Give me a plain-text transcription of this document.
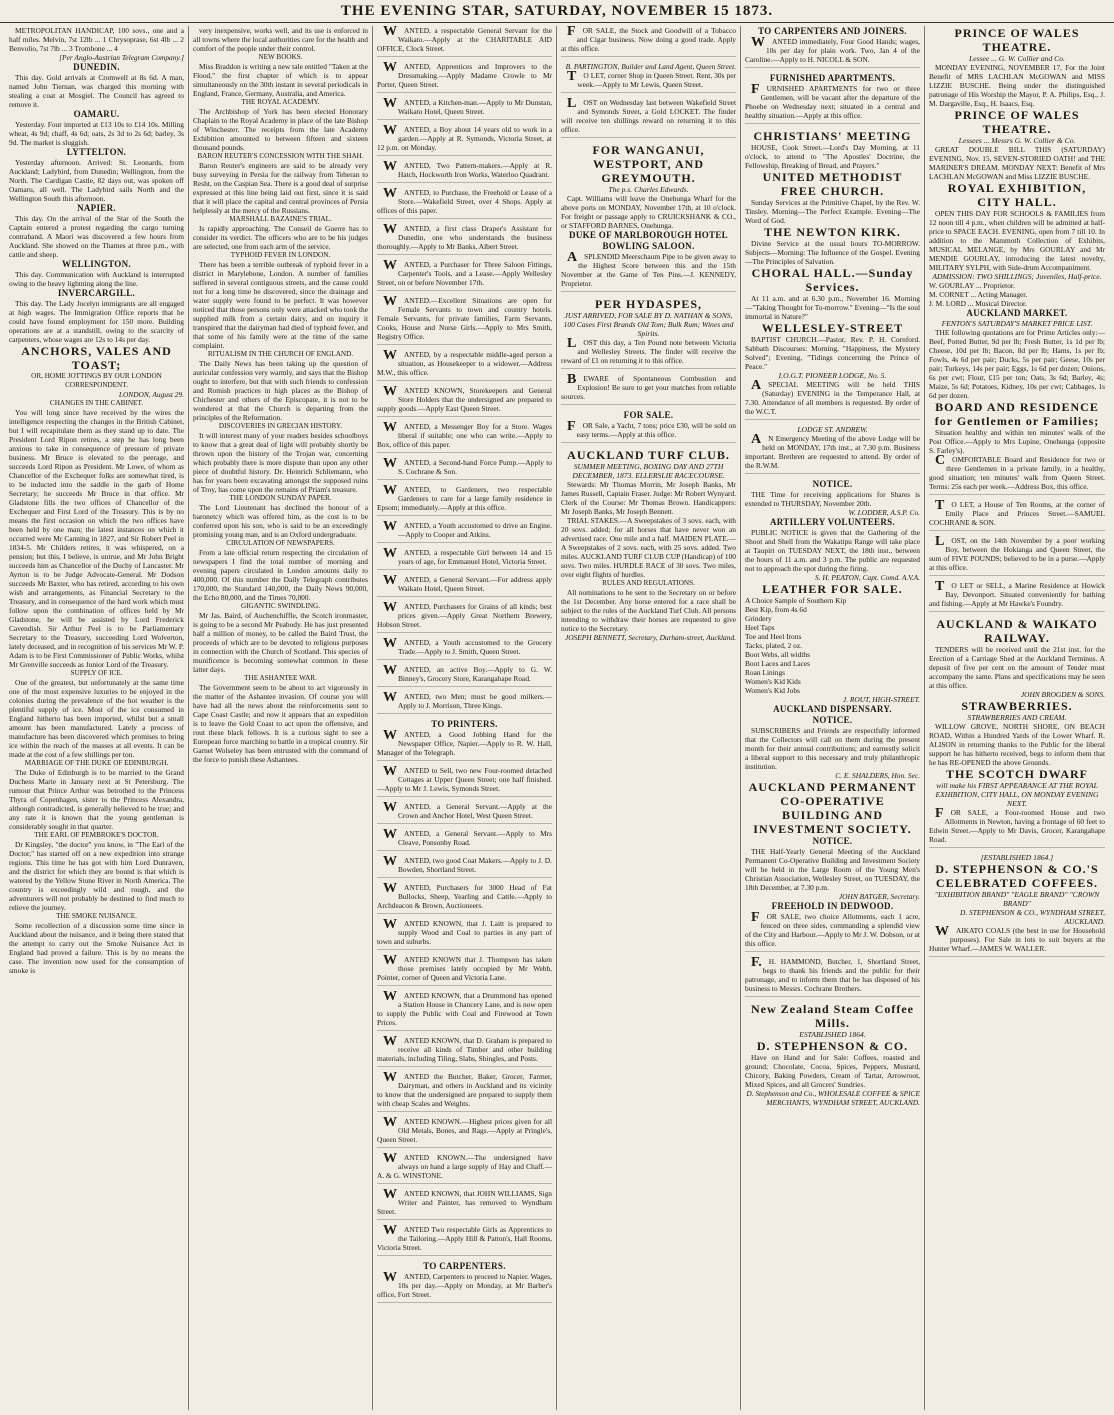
THE EVENING STAR, SATURDAY, NOVEMBER 15 1873.
METROPOLITAN HANDICAP, 100 sovs., one and a half miles. Melvin, 7st 12lb ... 1 Chrysoprase, 6st 4lb ... 2 Benvolio, 7st 7lb ... 3 Trombone ... 4
[Per Anglo-Austrian Telegram Company.]
DUNEDIN.
This day. Gold arrivals at Cromwell at 8s 6d. A man, named John Tiernan, was charged this morning with stealing a coat at Mosgiel. The Council has agreed to remove it.
OAMARU.
Yesterday. Four imported at £13 10s to £14 10s. Milling wheat, 4s 9d; chaff, 4s 6d; oats, 2s 3d to 2s 6d; barley, 3s 9d. The market is sluggish.
LYTTELTON.
Yesterday afternoon. Arrived: St. Leonards, from Auckland; Ladybird, from Dunedin; Wellington, from the North. The Cardigan Castle, 82 days out, was spoken off Oamaru, all well. The Ladybird sails North and the Wellington South this afternoon.
NAPIER.
This day. On the arrival of the Star of the South the Captain entered a protest regarding the cargo turning contraband. A Maori was discovered a few hours from Auckland. She showed on the Thames at three p.m., with cattle and sheep.
WELLINGTON.
This day. Communication with Auckland is interrupted owing to the heavy lightning along the line.
INVERCARGILL.
This day. The Lady Jocelyn immigrants are all engaged at high wages. The Immigration Office reports that he could have found employment for 150 more. Building operations are at a standstill, owing to the scarcity of carpenters, whose wages are 12s to 14s per day.
ANCHORS, VALES AND TOAST;
OR, HOME JOTTINGS BY OUR LONDON CORRESPONDENT.
LONDON, August 29.
CHANGES IN THE CABINET.
You will long since have received by the wires the intelligence respecting the changes in the British Cabinet, but I will recapitulate them as they stand up to date. The President Lord Ripon retires, a step he has long been anxious to take in consequence of pressure of private business. Mr Bruce is elevated to the peerage, and succeeds Lord Ripon as President. Mr Lowe, of whom as Chancellor of the Exchequer folks are somewhat tired, is to be inducted into the saddle in the garb of Home Secretary; he succeeds Mr Bruce in that office. Mr Gladstone fills the two offices of Chancellor of the Exchequer and First Lord of the Treasury. This is by no means the first occasion on which the two offices have been held by one man; the latest instances on which it occurred were Mr Canning in 1827, and Sir Robert Peel in 1834-5. Mr Childers retires, it was whispered, on a pension; but this, I believe, is untrue, and Mr John Bright succeeds him as Chancellor of the Duchy of Lancaster. Mr Ayrton is to be Judge Advocate-General. Mr Dodson succeeds Mr Baxter, who has retired, according to his own wish and arrangements, as Financial Secretary to the Treasury, and in consequence of the hard work which must follow upon the combination of offices held by Mr Gladstone, he will be assisted by Lord Frederick Cavendish. Sir Arthur Peel is to be Parliamentary Secretary to the Treasury, succeeding Lord Wolverton, lately deceased, and in recognition of his services Mr W. P. Adam is to be First Commissioner of Public Works, whilst Mr Grenville succeeds as Junior Lord of the Treasury.
SUPPLY OF ICE.
One of the greatest, but unfortunately at the same time one of the most expensive luxuries to be enjoyed in the colonies during the prevalence of the hot weather is the plentiful supply of ice. Most of the ice consumed in England hitherto has been imported, whilst but a small amount has been manufactured. Lately a process of manufacture has been discovered which promises to bring ice within the reach of the masses at all events. It can be made at the cost of a few shillings per ton.
MARRIAGE OF THE DUKE OF EDINBURGH.
The Duke of Edinburgh is to be married to the Grand Duchess Marie in January next at St Petersburg. The rumour that Prince Arthur was betrothed to the Princess Thyra of Copenhagen, sister to the Princess Alexandra, although contradicted, is generally believed to be true; and any rate it is known that the young gentleman is considerably sought in that quarter.
THE EARL OF PEMBROKE'S DOCTOR.
Dr Kingsley, "the doctor" you know, in "The Earl of the Doctor," has started off on a new expedition into strange regions. This time he has got with him Lord Dunraven, and the district for which they are bound is that which is watered by the Yellow Stone River in North America. The country is exceedingly wild and rough, and the adventurers will not probably be destined to find much to relieve the journey.
THE SMOKE NUISANCE.
Some recollection of a discussion some time since in Auckland about the nuisance, and it being there stated that the attempt to carry out the Smoke Nuisance Act in England had proved a failure. This is by no means the case. The invention now used for the consumption of smoke is
very inexpensive, works well, and its use is enforced in all towns where the local authorities care for the health and comfort of the people under their control.
NEW BOOKS.
Miss Braddon is writing a new tale entitled "Taken at the Flood," the first chapter of which is to appear simultaneously on the 30th instant in several periodicals in England, France, Germany, Australia, and America.
THE ROYAL ACADEMY.
The Archbishop of York has been elected Honorary Chaplain to the Royal Academy in place of the late Bishop of Winchester. The receipts from the late Academy Exhibition amounted to between fifteen and sixteen thousand pounds.
BARON REUTER'S CONCESSION WITH THE SHAH.
Baron Reuter's engineers are said to be already very busy surveying in Persia for the railway from Teheran to Resht, on the Caspian Sea. There is a good deal of surprise expressed at this line being laid out first, since it is said that it will place the capital and central provinces of Persia helplessly at the mercy of the Russians.
MARSHALL BAZAINE'S TRIAL.
Is rapidly approaching. The Conseil de Guerre has to consider its verdict. The officers who are to be his judges are selected, one from each arm of the service.
TYPHOID FEVER IN LONDON.
There has been a terrible outbreak of typhoid fever in a district in Marylebone, London. A number of families suffered in several contiguous streets, and the cause could not for a long time be discovered, since the drainage and water supply were found to be perfect. It was however noticed that those persons only were attacked who took the supplied milk from a certain dairy, and on inquiry it transpired that the dairyman had died of typhoid fever, and that some of his family were at the time of the same complaint.
RITUALISM IN THE CHURCH OF ENGLAND.
The Daily News has been taking up the question of auricular confession very warmly, and says that the Bishop ought to interfere, but that with such friends to confession and Romish practices in high places as the Bishop of Chichester and others of the Episcopate, it is not to be wondered at that the Church is departing from the principles of the Reformation.
DISCOVERIES IN GRECIAN HISTORY.
It will interest many of your readers besides schoolboys to know that a great deal of light will probably shortly be thrown upon the history of the Trojan war, concerning which probably there is more dispute than upon any other piece of doubtful history. Dr. Heinrich Schliemann, who has for years been excavating amongst the supposed ruins of Troy, has come upon the remains of Priam's treasure.
THE LONDON SUNDAY PAPER.
The Lord Lieutenant has declined the honour of a baronetcy which was offered him, as the cost is to be conferred upon his son, who is said to be an exceedingly promising young man, and is an Oxford undergraduate.
CIRCULATION OF NEWSPAPERS.
From a late official return respecting the circulation of newspapers I find the total number of morning and evening papers circulated in London amounts daily to 400,000. Of this number the Daily Telegraph contributes 170,000, the Standard 140,000, the Daily News 90,000, the Echo 80,000, and the Times 70,000.
GIGANTIC SWINDLING.
Mr Jas. Baird, of Auchenchiffle, the Scotch ironmaster, is going to be a second Mr Peabody. He has just presented half a million of money, to be called the Baird Trust, the proceeds of which are to be devoted to religious purposes in connection with the Church of Scotland. This species of munificence is becoming somewhat common in these latter days.
THE ASHANTEE WAR.
The Government seem to be about to act vigorously in the matter of the Ashantee invasion. Of course you will have had all the news about the reinforcements sent to Cape Coast Castle; and now it appears that an expedition is to leave the Gold Coast to act upon the offensive, and rout these black fellows. It is a curious sight to see a European force marching to battle in a tropical country. Sir Garnet Wolseley has been entrusted with the command of the force to punish these Ashantees.
WANTED, a respectable General Servant for the Waikato.—Apply at the CHARITABLE AID OFFICE, Clock Street.
WANTED, Apprentices and Improvers to the Dressmaking.—Apply Madame Crowle to Mr Porter, Queen Street.
WANTED, a Kitchen-man.—Apply to Mr Dunstan, Waikato Hotel, Queen Street.
WANTED, a Boy about 14 years old to work in a garden.—Apply at R. Symonds, Victoria Street, at 12 p.m. on Monday.
WANTED, Two Pattern-makers.—Apply at R. Hatch, Hockworth Iron Works, Waterloo Quadrant.
WANTED, to Purchase, the Freehold or Lease of a Store.—Wakefield Street, over 4 Shops. Apply at offices of this paper.
WANTED, a first class Draper's Assistant for Dunedin, one who understands the business thoroughly.—Apply to Mr Banks, Albert Street.
WANTED, a Purchaser for Three Saloon Fittings, Carpenter's Tools, and a Lease.—Apply Wellesley Street, on or before November 17th.
WANTED.—Excellent Situations are open for Female Servants to town and country hotels. Female Servants, for private families, Farm Servants, Cooks, House and Nurse Girls.—Apply to Mrs Smith, Registry Office.
WANTED, by a respectable middle-aged person a situation, as Housekeeper to a widower.—Address M.W., this office.
WANTED KNOWN, Storekeepers and General Store Holders that the undersigned are prepared to supply goods.—Apply East Queen Street.
WANTED, a Messenger Boy for a Store. Wages liberal if suitable; one who can write.—Apply to Box, office of this paper.
WANTED, a Second-hand Force Pump.—Apply to S. Cochrane & Son.
WANTED, to Gardeners, two respectable Gardeners to care for a large family residence in Epsom; immediately.—Apply at this office.
WANTED, a Youth accustomed to drive an Engine.—Apply to Cooper and Atkins.
WANTED, a respectable Girl between 14 and 15 years of age, for Emmanuel Hotel, Victoria Street.
WANTED, a General Servant.—For address apply Waikato Hotel, Queen Street.
WANTED, Purchasers for Grains of all kinds; best prices given.—Apply Great Northern Brewery, Hobson Street.
WANTED, a Youth accustomed to the Grocery Trade.—Apply to J. Smith, Queen Street.
WANTED, an active Boy.—Apply to G. W. Binney's, Grocery Store, Karangahape Road.
WANTED, two Men; must be good milkers.—Apply to J. Morrison, Three Kings.
TO PRINTERS.
WANTED, a Good Jobbing Hand for the Newspaper Office, Napier.—Apply to R. W. Hall, Manager of the Telegraph.
WANTED to Sell, two new Four-roomed detached Cottages at Upper Queen Street; one half finished.—Apply to Mr J. Lewis, Symonds Street.
WANTED, a General Servant.—Apply at the Crown and Anchor Hotel, West Queen Street.
WANTED, a General Servant.—Apply to Mrs Cleave, Ponsonby Road.
WANTED, two good Coat Makers.—Apply to J. D. Bowden, Shortland Street.
WANTED, Purchasers for 3000 Head of Fat Bullocks, Sheep, Yearling and Cattle.—Apply to Archdeacon & Brown, Auctioneers.
WANTED KNOWN, that J. Laitt is prepared to supply Wood and Coal to parties in any part of town and suburbs.
WANTED KNOWN that J. Thompson has taken those premises lately occupied by Mr Webb, Pointer, corner of Queen and Victoria Lane.
WANTED KNOWN, that a Drummond has opened a Station House in Chancery Lane, and is now open to supply the Public with Coal and Firewood at Town Prices.
WANTED KNOWN, that D. Graham is prepared to receive all kinds of Timber and other building materials, including Tiling, Slabs, Shingles, and Posts.
WANTED the Butcher, Baker, Grocer, Farmer, Dairyman, and others in Auckland and its vicinity to know that the undersigned are prepared to supply them with cheap Scales and Weights.
WANTED KNOWN.—Highest prices given for all Old Metals, Bones, and Rags.—Apply at Pringle's, Queen Street.
WANTED KNOWN.—The undersigned have always on hand a large supply of Hay and Chaff.—A. & G. WINSTONE.
WANTED KNOWN, that JOHN WILLIAMS, Sign Writer and Painter, has removed to Wyndham Street.
WANTED Two respectable Girls as Apprentices to the Tailoring.—Apply Hill & Patton's, Hall Rooms, Victoria Street.
TO CARPENTERS.
WANTED, Carpenters to proceed to Napier. Wages, 10s per day.—Apply on Monday, at Mr Barber's office, Fort Street.
FOR SALE, the Stock and Goodwill of a Tobacco and Cigar business. Now doing a good trade. Apply at this office.
B. PARTINGTON, Builder and Land Agent, Queen Street.
TO LET, corner Shop in Queen Street. Rent, 30s per week.—Apply to Mr Lewis, Queen Street.
LOST on Wednesday last between Wakefield Street and Symonds Street, a Gold LOCKET. The finder will receive ten shillings reward on returning it to this office.
FOR WANGANUI, WESTPORT, AND GREYMOUTH.
The p.s. Charles Edwards.
Capt. Williams will leave the Onehunga Wharf for the above ports on MONDAY, November 17th, at 10 o'clock. For freight or passage apply to CRUICKSHANK & CO., or STAFFORD BARNES, Onehunga.
DUKE OF MARLBOROUGH HOTEL BOWLING SALOON.
ASPLENDID Meerschaum Pipe to be given away to the Highest Score between this and the 15th November at the Game of Ten Pins.—J. KENNEDY, Proprietor.
PER HYDASPES,
JUST ARRIVED, FOR SALE BY D. NATHAN & SONS, 100 Cases First Brands Old Tom; Bulk Rum; Wines and Spirits.
LOST this day, a Ten Pound note between Victoria and Wellesley Streets. The finder will receive the reward of £1 on returning it to this office.
BEWARE of Spontaneous Combustion and Explosion! Be sure to get your matches from reliable sources.
FOR SALE.
FOR Sale, a Yacht, 7 tons; price £30, will be sold on easy terms.—Apply at this office.
AUCKLAND TURF CLUB.
SUMMER MEETING, BOXING DAY AND 27TH DECEMBER, 1873. ELLERSLIE RACECOURSE.
Stewards: Mr Thomas Morrin, Mr Joseph Banks, Mr James Russell, Captain Fraser. Judge: Mr Robert Wynyard. Clerk of the Course: Mr Thomas Brown. Handicappers: Mr Joseph Banks, Mr Joseph Bennett.
TRIAL STAKES.—A Sweepstakes of 3 sovs. each, with 20 sovs. added; for all horses that have never won an advertised race. One mile and a half. MAIDEN PLATE.—A Sweepstakes of 2 sovs. each, with 25 sovs. added. Two miles. AUCKLAND TURF CLUB CUP (Handicap) of 100 sovs. Two miles. HURDLE RACE of 30 sovs. Two miles, over eight flights of hurdles.
RULES AND REGULATIONS.
All nominations to be sent to the Secretary on or before the 1st December. Any horse entered for a race shall be subject to the rules of the Auckland Turf Club. All persons intending to withdraw their horses are requested to give notice to the Secretary.
JOSEPH BENNETT, Secretary, Durham-street, Auckland.
TO CARPENTERS AND JOINERS.
WANTED immediately, Four Good Hands; wages, 10s per day for plain work. Two, Jan 4 of the Caroline.—Apply to H. NICOLL & SON.
FURNISHED APARTMENTS.
FURNISHED APARTMENTS for two or three Gentlemen, will be vacant after the departure of the Phoebe on Wednesday next; situated in a central and healthy situation.—Apply at this office.
CHRISTIANS' MEETING
HOUSE, Cook Street.—Lord's Day Morning, at 11 o'clock, to attend to "The Apostles' Doctrine, the Fellowship, Breaking of Bread, and Prayers."
UNITED METHODIST FREE CHURCH.
Sunday Services at the Primitive Chapel, by the Rev. W. Tinsley. Morning—The Perfect Example. Evening—The Word of God.
THE NEWTON KIRK.
Divine Service at the usual hours TO-MORROW. Subjects—Morning: The Influence of the Gospel. Evening—The Principles of Salvation.
CHORAL HALL.—Sunday Services.
At 11 a.m. and at 6.30 p.m., November 16. Morning—"Taking Thought for To-morrow." Evening—"Is the soul immortal in Nature?"
WELLESLEY-STREET
BAPTIST CHURCH.—Pastor, Rev. P. H. Cornford. Sabbath Discourses: Morning, "Happiness, the Mystery Solved"; Evening, "Tidings concerning the Prince of Peace."
I.O.G.T. PIONEER LODGE, No. 5.
ASPECIAL MEETING will be held THIS (Saturday) EVENING in the Temperance Hall, at 7.30. Attendance of all members is requested. By order of the W.C.T.
LODGE ST. ANDREW.
AN Emergency Meeting of the above Lodge will be held on MONDAY, 17th inst., at 7.30 p.m. Business important. Brethren are requested to attend. By order of the R.W.M.
NOTICE.
THE Time for receiving applications for Shares is extended to THURSDAY, November 20th.
W. LODDER, A.S.P. Co.
ARTILLERY VOLUNTEERS.
PUBLIC NOTICE is given that the Gathering of the Shoot and Shell from the Wakatipu Range will take place at Taupiri on TUESDAY NEXT, the 18th inst., between the hours of 11 a.m. and 3 p.m. The public are requested not to approach the spot during the firing.
S. H. PEATON, Capt. Comd. A.V.A.
LEATHER FOR SALE.
A Choice Sample of Southern Kip
Best Kip, from 4s 6d
Grindery
Heel Taps
Toe and Heel Irons
Tacks, plated, 2 oz.
Boot Webs, all widths
Boot Laces and Laces
Roan Linings
Women's Kid Kids
Women's Kid Jobs
J. ROUT, HIGH-STREET.
AUCKLAND DISPENSARY.
NOTICE.
SUBSCRIBERS and Friends are respectfully informed that the Collectors will call on them during the present month for their annual contributions; and earnestly solicit a liberal support to this necessary and truly philanthropic institution.
C. E. SHALDERS, Hon. Sec.
AUCKLAND PERMANENT CO-OPERATIVE BUILDING AND INVESTMENT SOCIETY.
NOTICE.
THE Half-Yearly General Meeting of the Auckland Permanent Co-Operative Building and Investment Society will be held in the Large Room of the Young Men's Christian Association, Wellesley Street, on TUESDAY, the 18th December, at 7.30 p.m.
JOHN BATGER, Secretary.
FREEHOLD IN DEDWOOD.
FOR SALE, two choice Allotments, each 1 acre, fenced on three sides, commanding a splendid view of the City and Harbour.—Apply to Mr J. W. Dobson, or at this office.
F.H. HAMMOND, Butcher, 1, Shortland Street, begs to thank his friends and the public for their patronage, and to inform them that he has disposed of his business to Messrs. Cochrane Brothers.
New Zealand Steam Coffee Mills.
ESTABLISHED 1864.
D. STEPHENSON & CO.
Have on Hand and for Sale: Coffees, roasted and ground; Chocolate, Cocoa, Spices, Peppers, Mustard, Chicory, Baking Powders, Cream of Tartar, Arrowroot, Mixed Spices, and all Grocers' Sundries.
D. Stephenson and Co., WHOLESALE COFFEE & SPICE MERCHANTS, WYNDHAM STREET, AUCKLAND.
PRINCE OF WALES THEATRE.
Lessee ... G. W. Collier and Co.
MONDAY EVENING, NOVEMBER 17, For the Joint Benefit of MRS LACHLAN McGOWAN and MISS LIZZIE BUSCHE. Being under the distinguished patronage of His Worship the Mayor, P. A. Philips, Esq., J. M. Dargaville, Esq., H. Isaacs, Esq.
PRINCE OF WALES THEATRE.
Lessees ... Messrs G. W. Collier & Co.
GREAT DOUBLE BILL THIS (SATURDAY) EVENING, Nov. 15, SEVEN-STORIED OATH! and THE MARINER'S DREAM. MONDAY NEXT: Benefit of Mrs LACHLAN McGOWAN and Miss LIZZIE BUSCHE.
ROYAL EXHIBITION, CITY HALL.
OPEN THIS DAY FOR SCHOOLS & FAMILIES from 12 noon till 4 p.m., when children will be admitted at half-price to SPACE EACH. EVENING, open from 7 till 10. In addition to the Mammoth Collection of Exhibits, MUSICAL MELANGE, by Mrs GOURLAY and Mr MENDIE GOURLAY, introducing the latest novelty, MILITARY SYLPH, with Side-drum Accompaniment.
ADMISSION: TWO SHILLINGS; Juveniles, Half-price.
W. GOURLAY ... Proprietor.
M. CORNET ... Acting Manager.
J. M. LORD ... Musical Director.
AUCKLAND MARKET.
FENTON'S SATURDAY'S MARKET PRICE LIST.
THE following quotations are for Prime Articles only:—Beef, Potted Butter, 9d per lb; Fresh Butter, 1s 1d per lb; Cheese, 10d per lb; Bacon, 8d per lb; Hams, 1s per lb; Fowls, 4s 6d per pair; Ducks, 5s per pair; Geese, 10s per pair; Turkeys, 14s per pair; Eggs, 1s 6d per dozen; Onions, 6s per cwt; Flour, £15 per ton; Oats, 3s 6d; Barley, 4s; Maize, 5s 6d; Potatoes, Kidney, 10s per cwt; Cabbages, 1s 6d per dozen.
BOARD AND RESIDENCE for Gentlemen or Families;
Situation healthy and within ten minutes' walk of the Post Office.—Apply to Mrs Lupine, Onehunga (opposite S. Farley's).
COMFORTABLE Board and Residence for two or three Gentlemen in a private family, in a healthy, good situation; ten minutes' walk from Queen Street. Terms: 25s each per week.—Address Box, this office.
TO LET, a House of Ten Rooms, at the corner of Emily Place and Princes Street.—SAMUEL COCHRANE & SON.
LOST, on the 14th November by a poor working Boy, between the Hokianga and Queen Street, the sum of FIVE POUNDS; believed to be in a purse.—Apply at this office.
TO LET or SELL, a Marine Residence at Howick Bay, Devonport. Situated conveniently for bathing and fishing.—Apply at Mr Hawke's Foundry.
AUCKLAND & WAIKATO RAILWAY.
TENDERS will be received until the 21st inst. for the Erection of a Carriage Shed at the Auckland Terminus. A deposit of five per cent on the amount of Tender must accompany the same. Plans and specifications may be seen at this office.
JOHN BROGDEN & SONS.
STRAWBERRIES.
STRAWBERRIES AND CREAM.
WILLOW GROVE, NORTH SHORE, ON BEACH ROAD, Within a Hundred Yards of the Lower Wharf. R. ALISON in returning thanks to the Public for the liberal support he has hitherto received, begs to inform them that he has RE-OPENED the above Grounds.
THE SCOTCH DWARF
will make his FIRST APPEARANCE AT THE ROYAL EXHIBITION, CITY HALL, ON MONDAY EVENING NEXT.
FOR SALE, a Four-roomed House and two Allotments in Newton, having a frontage of 60 feet to Edwin Street.—Apply to Mr Davis, Grocer, Karangahape Road.
[ESTABLISHED 1864.]
D. STEPHENSON & CO.'S CELEBRATED COFFEES.
"EXHIBITION BRAND" "EAGLE BRAND" "CROWN BRAND"
D. STEPHENSON & CO., WYNDHAM STREET, AUCKLAND.
WAIKATO COALS (the best in use for Household purposes). For Sale in lots to suit buyers at the Hunter Wharf.—JAMES W. WALLER.
